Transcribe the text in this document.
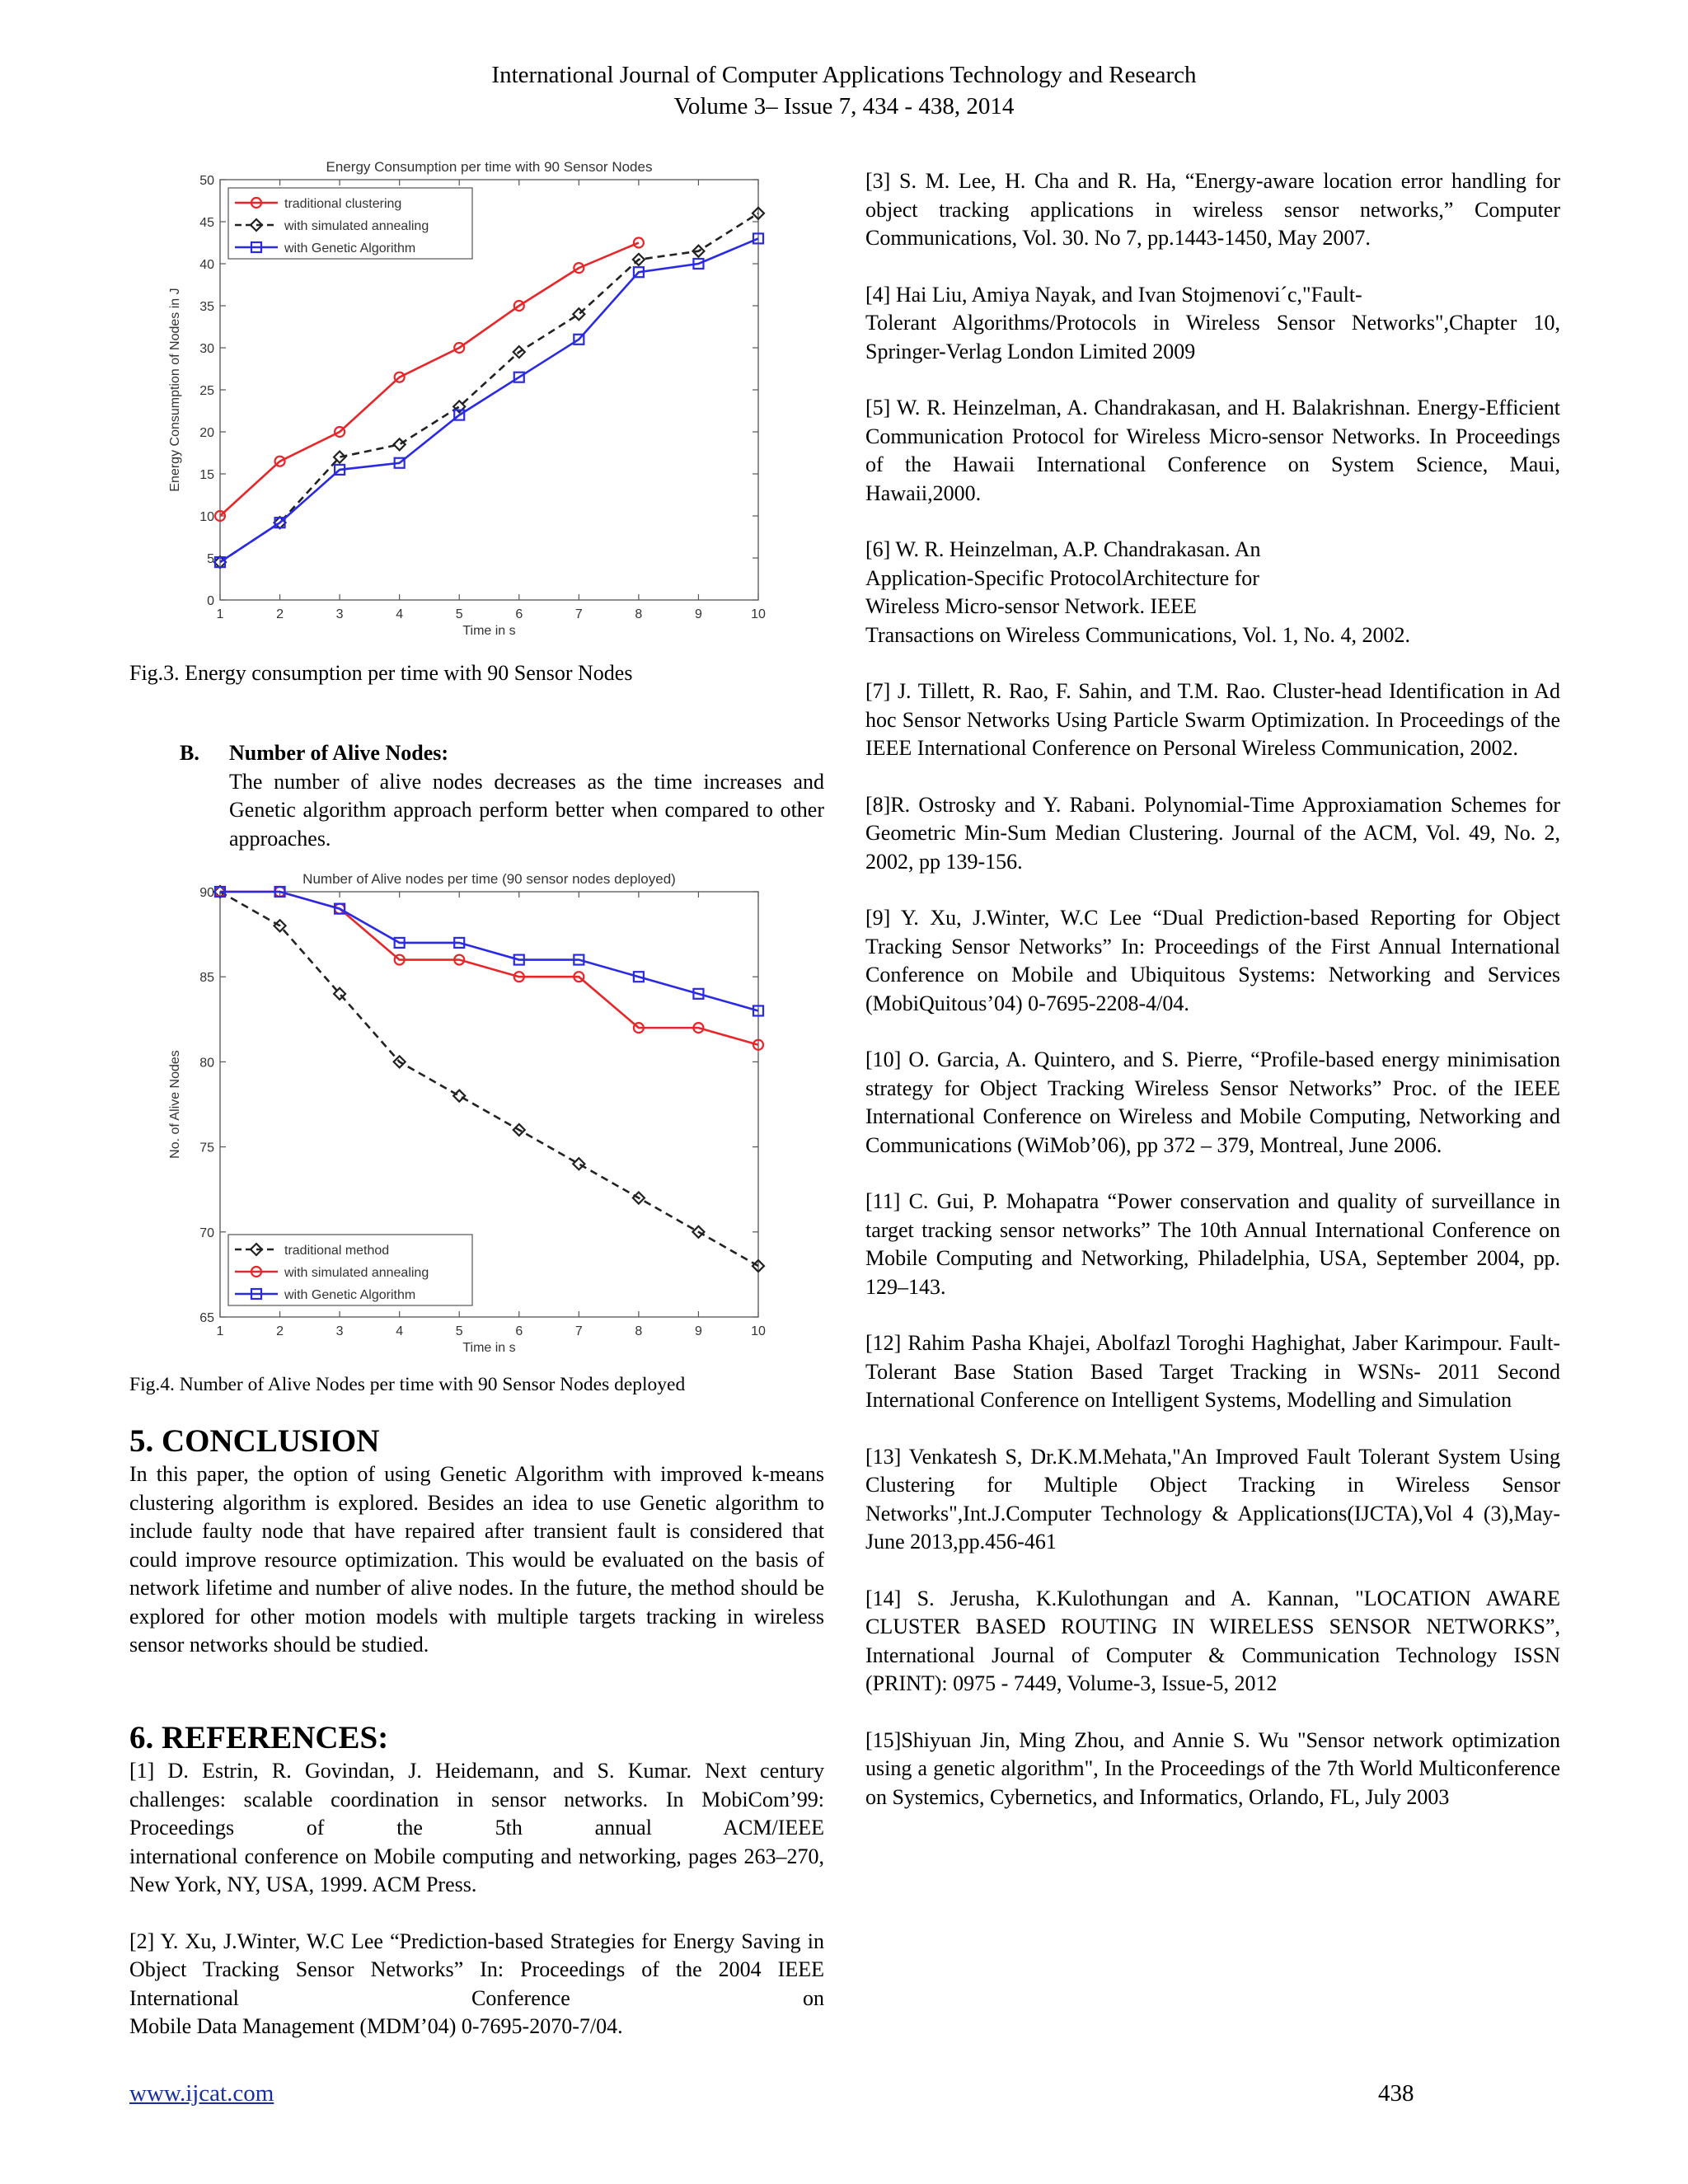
International Journal of Computer Applications Technology and Research
Volume 3– Issue 7, 434 - 438, 2014
Energy Consumption per time with 90 Sensor Nodes
1	2	3	4	5	6	7	8	9	10
0
5
10
15
20
25
30
35
40
45
50
Time in s
Energy Consumption of Nodes in J
traditional clustering
with simulated annealing
with Genetic Algorithm
Fig.3. Energy consumption per time with 90 Sensor Nodes
B. Number of Alive Nodes:
The number of alive nodes decreases as the time increases and Genetic algorithm approach perform better when compared to other approaches.
Number of Alive nodes per time (90 sensor nodes deployed)
1	2	3	4	5	6	7	8	9	10
65
70
75
80
85
90
Time in s
No. of Alive Nodes
traditional method
with simulated annealing
with Genetic Algorithm
Fig.4. Number of Alive Nodes per time with 90 Sensor Nodes deployed
5. CONCLUSION
In this paper, the option of using Genetic Algorithm with improved k-means clustering algorithm is explored. Besides an idea to use Genetic algorithm to include faulty node that have repaired after transient fault is considered that could improve resource optimization. This would be evaluated on the basis of network lifetime and number of alive nodes. In the future, the method should be explored for other motion models with multiple targets tracking in wireless sensor networks should be studied.
6. REFERENCES:
[1] D. Estrin, R. Govindan, J. Heidemann, and S. Kumar. Next century challenges: scalable coordination in sensor networks. In MobiCom’99: Proceedings of the 5th annual ACM/IEEE
international conference on Mobile computing and networking, pages 263–270, New York, NY, USA, 1999. ACM Press.
[2] Y. Xu, J.Winter, W.C Lee “Prediction-based Strategies for Energy Saving in Object Tracking Sensor Networks” In: Proceedings of the 2004 IEEE International Conference on
Mobile Data Management (MDM’04) 0-7695-2070-7/04.
[3] S. M. Lee, H. Cha and R. Ha, “Energy-aware location error handling for object tracking applications in wireless sensor networks,” Computer Communications, Vol. 30. No 7, pp.1443-1450, May 2007.
[4] Hai Liu, Amiya Nayak, and Ivan Stojmenovi´c,"Fault-
Tolerant Algorithms/Protocols in Wireless Sensor Networks",Chapter 10, Springer-Verlag London Limited 2009
[5] W. R. Heinzelman, A. Chandrakasan, and H. Balakrishnan. Energy-Efficient Communication Protocol for Wireless Micro-sensor Networks. In Proceedings of the Hawaii International Conference on System Science, Maui,
Hawaii,2000.
[6] W. R. Heinzelman, A.P. Chandrakasan. An
Application-Specific ProtocolArchitecture for
Wireless Micro-sensor Network. IEEE
Transactions on Wireless Communications, Vol. 1, No. 4, 2002.
[7] J. Tillett, R. Rao, F. Sahin, and T.M. Rao. Cluster-head Identification in Ad hoc Sensor Networks Using Particle Swarm Optimization. In Proceedings of the IEEE International Conference on Personal Wireless Communication, 2002.
[8]R. Ostrosky and Y. Rabani. Polynomial-Time Approxiamation Schemes for Geometric Min-Sum Median Clustering. Journal of the ACM, Vol. 49, No. 2, 2002, pp 139-156.
[9] Y. Xu, J.Winter, W.C Lee “Dual Prediction-based Reporting for Object Tracking Sensor Networks” In: Proceedings of the First Annual International Conference on Mobile and Ubiquitous Systems: Networking and Services (MobiQuitous’04) 0-7695-2208-4/04.
[10] O. Garcia, A. Quintero, and S. Pierre, “Profile-based energy minimisation strategy for Object Tracking Wireless Sensor Networks” Proc. of the IEEE International Conference on Wireless and Mobile Computing, Networking and Communications (WiMob’06), pp 372 – 379, Montreal, June 2006.
[11] C. Gui, P. Mohapatra “Power conservation and quality of surveillance in target tracking sensor networks” The 10th Annual International Conference on Mobile Computing and Networking, Philadelphia, USA, September 2004, pp. 129–143.
[12] Rahim Pasha Khajei, Abolfazl Toroghi Haghighat, Jaber Karimpour. Fault-Tolerant Base Station Based Target Tracking in WSNs- 2011 Second International Conference on Intelligent Systems, Modelling and Simulation
[13] Venkatesh S, Dr.K.M.Mehata,"An Improved Fault Tolerant System Using Clustering for Multiple Object Tracking in Wireless Sensor Networks",Int.J.Computer Technology & Applications(IJCTA),Vol 4 (3),May-June 2013,pp.456-461
[14] S. Jerusha, K.Kulothungan and A. Kannan, "LOCATION AWARE CLUSTER BASED ROUTING IN WIRELESS SENSOR NETWORKS”, International Journal of Computer & Communication Technology ISSN (PRINT): 0975 - 7449, Volume-3, Issue-5, 2012
[15]Shiyuan Jin, Ming Zhou, and Annie S. Wu "Sensor network optimization using a genetic algorithm", In the Proceedings of the 7th World Multiconference on Systemics, Cybernetics, and Informatics, Orlando, FL, July 2003
www.ijcat.com	438
